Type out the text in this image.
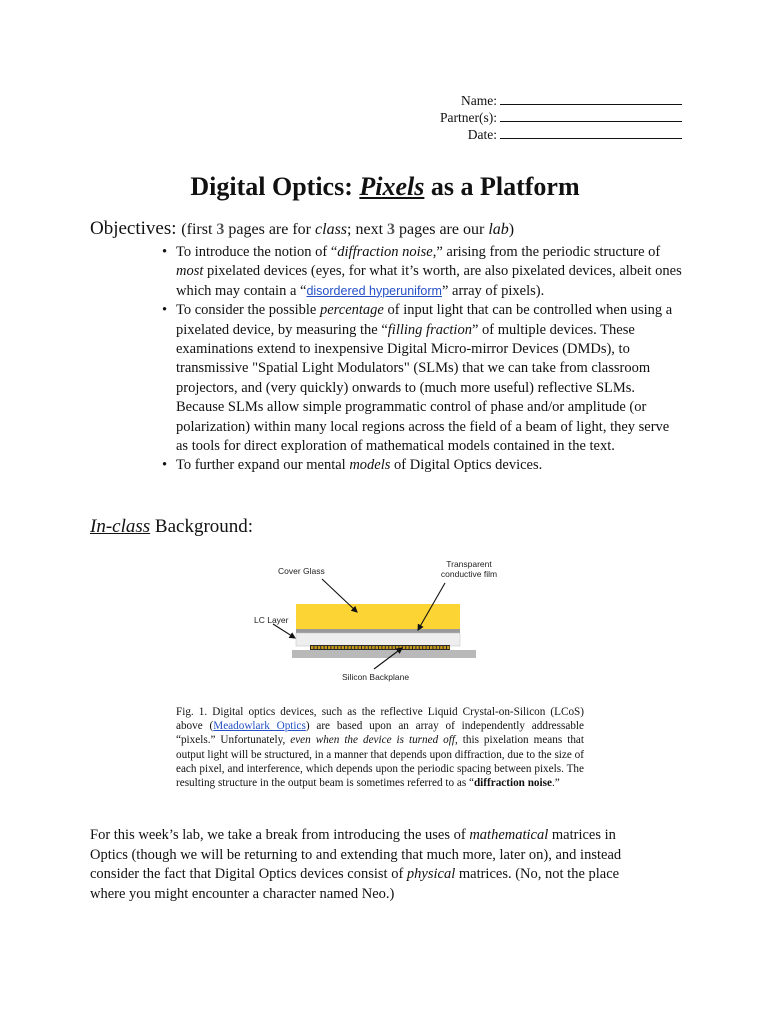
Name:
Partner(s):
Date:
Digital Optics: Pixels as a Platform
Objectives: (first 3 pages are for class; next 3 pages are our lab)
• To introduce the notion of “diffraction noise,” arising from the periodic structure of most pixelated devices (eyes, for what it’s worth, are also pixelated devices, albeit ones which may contain a “disordered hyperuniform” array of pixels).
• To consider the possible percentage of input light that can be controlled when using a pixelated device, by measuring the “filling fraction” of multiple devices. These examinations extend to inexpensive Digital Micro-mirror Devices (DMDs), to transmissive "Spatial Light Modulators" (SLMs) that we can take from classroom projectors, and (very quickly) onwards to (much more useful) reflective SLMs. Because SLMs allow simple programmatic control of phase and/or amplitude (or polarization) within many local regions across the field of a beam of light, they serve as tools for direct exploration of mathematical models contained in the text.
• To further expand our mental models of Digital Optics devices.
In-class Background:
Cover Glass
Transparent
conductive film
LC Layer
Silicon Backplane
Fig. 1. Digital optics devices, such as the reflective Liquid Crystal-on-Silicon (LCoS) above (Meadowlark Optics) are based upon an array of independently addressable “pixels.” Unfortunately, even when the device is turned off, this pixelation means that output light will be structured, in a manner that depends upon diffraction, due to the size of each pixel, and interference, which depends upon the periodic spacing between pixels. The resulting structure in the output beam is sometimes referred to as “diffraction noise.”
For this week’s lab, we take a break from introducing the uses of mathematical matrices in Optics (though we will be returning to and extending that much more, later on), and instead consider the fact that Digital Optics devices consist of physical matrices. (No, not the place where you might encounter a character named Neo.)
